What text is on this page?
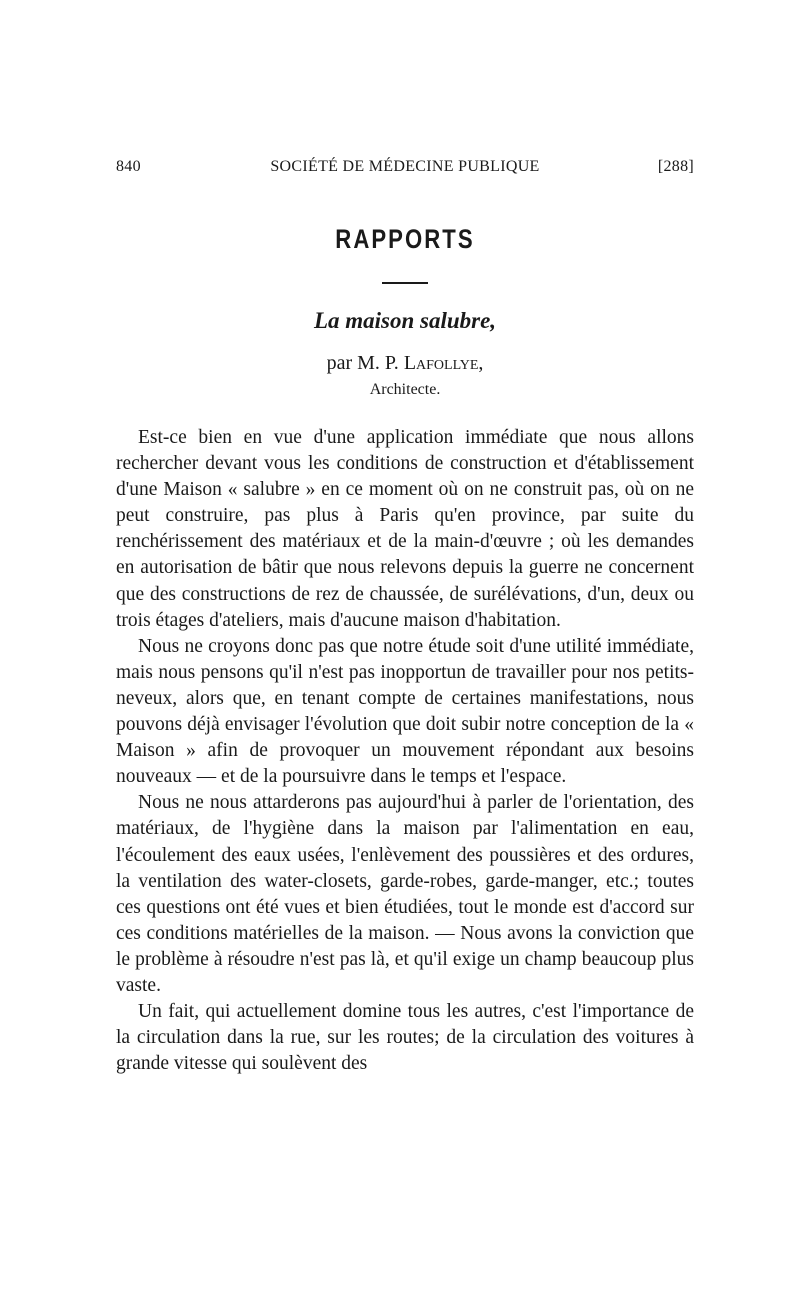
840	SOCIÉTÉ DE MÉDECINE PUBLIQUE	[288]
RAPPORTS
La maison salubre,
par M. P. Lafollye,
Architecte.

Est-ce bien en vue d'une application immédiate que nous allons rechercher devant vous les conditions de construction et d'établissement d'une Maison « salubre » en ce moment où on ne construit pas, où on ne peut construire, pas plus à Paris qu'en province, par suite du renchérissement des matériaux et de la main-d'œuvre ; où les demandes en autorisation de bâtir que nous relevons depuis la guerre ne concernent que des constructions de rez de chaussée, de surélévations, d'un, deux ou trois étages d'ateliers, mais d'aucune maison d'habitation.

Nous ne croyons donc pas que notre étude soit d'une utilité immédiate, mais nous pensons qu'il n'est pas inopportun de travailler pour nos petits-neveux, alors que, en tenant compte de certaines manifestations, nous pouvons déjà envisager l'évolution que doit subir notre conception de la « Maison » afin de provoquer un mouvement répondant aux besoins nouveaux — et de la poursuivre dans le temps et l'espace.

Nous ne nous attarderons pas aujourd'hui à parler de l'orientation, des matériaux, de l'hygiène dans la maison par l'alimentation en eau, l'écoulement des eaux usées, l'enlèvement des poussières et des ordures, la ventilation des water-closets, garde-robes, garde-manger, etc.; toutes ces questions ont été vues et bien étudiées, tout le monde est d'accord sur ces conditions matérielles de la maison. — Nous avons la conviction que le problème à résoudre n'est pas là, et qu'il exige un champ beaucoup plus vaste.

Un fait, qui actuellement domine tous les autres, c'est l'importance de la circulation dans la rue, sur les routes; de la circulation des voitures à grande vitesse qui soulèvent des
